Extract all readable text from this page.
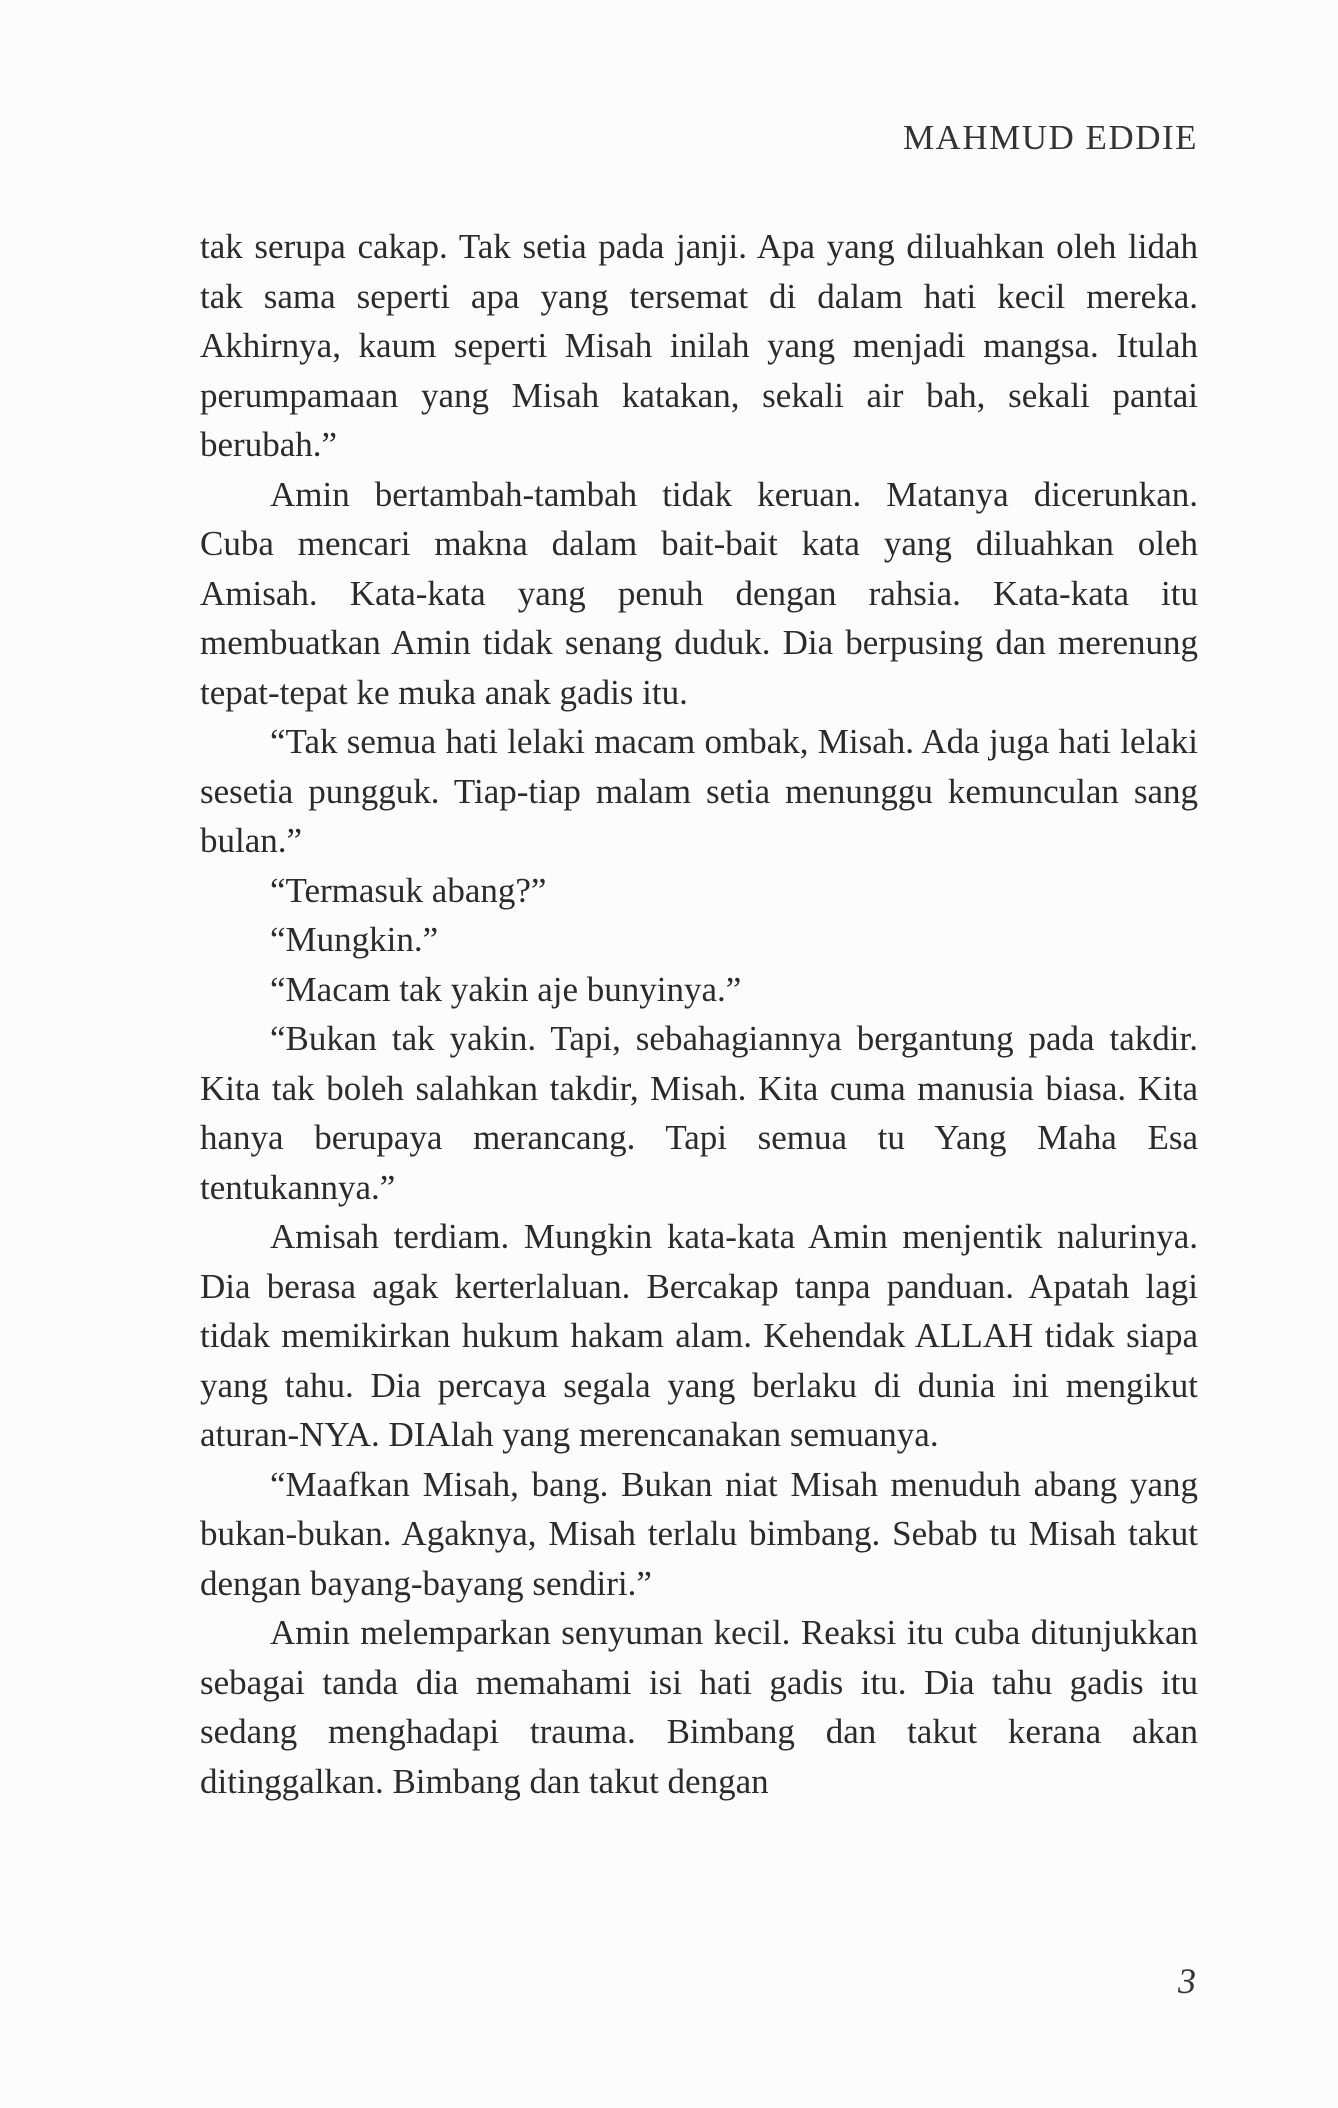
MAHMUD EDDIE

tak serupa cakap. Tak setia pada janji. Apa yang diluahkan oleh lidah tak sama seperti apa yang tersemat di dalam hati kecil mereka. Akhirnya, kaum seperti Misah inilah yang menjadi mangsa. Itulah perumpamaan yang Misah katakan, sekali air bah, sekali pantai berubah.”

Amin bertambah-tambah tidak keruan. Matanya dicerunkan. Cuba mencari makna dalam bait-bait kata yang diluahkan oleh Amisah. Kata-kata yang penuh dengan rahsia. Kata-kata itu membuatkan Amin tidak senang duduk. Dia berpusing dan merenung tepat-tepat ke muka anak gadis itu.

“Tak semua hati lelaki macam ombak, Misah. Ada juga hati lelaki sesetia pungguk. Tiap-tiap malam setia menunggu kemunculan sang bulan.”

“Termasuk abang?”

“Mungkin.”

“Macam tak yakin aje bunyinya.”

“Bukan tak yakin. Tapi, sebahagiannya bergantung pada takdir. Kita tak boleh salahkan takdir, Misah. Kita cuma manusia biasa. Kita hanya berupaya merancang. Tapi semua tu Yang Maha Esa tentukannya.”

Amisah terdiam. Mungkin kata-kata Amin menjentik nalurinya. Dia berasa agak kerterlaluan. Bercakap tanpa panduan. Apatah lagi tidak memikirkan hukum hakam alam. Kehendak ALLAH tidak siapa yang tahu. Dia percaya segala yang berlaku di dunia ini mengikut aturan-NYA. DIAlah yang merencanakan semuanya.

“Maafkan Misah, bang. Bukan niat Misah menuduh abang yang bukan-bukan. Agaknya, Misah terlalu bimbang. Sebab tu Misah takut dengan bayang-bayang sendiri.”

Amin melemparkan senyuman kecil. Reaksi itu cuba ditunjukkan sebagai tanda dia memahami isi hati gadis itu. Dia tahu gadis itu sedang menghadapi trauma. Bimbang dan takut kerana akan ditinggalkan. Bimbang dan takut dengan

3
